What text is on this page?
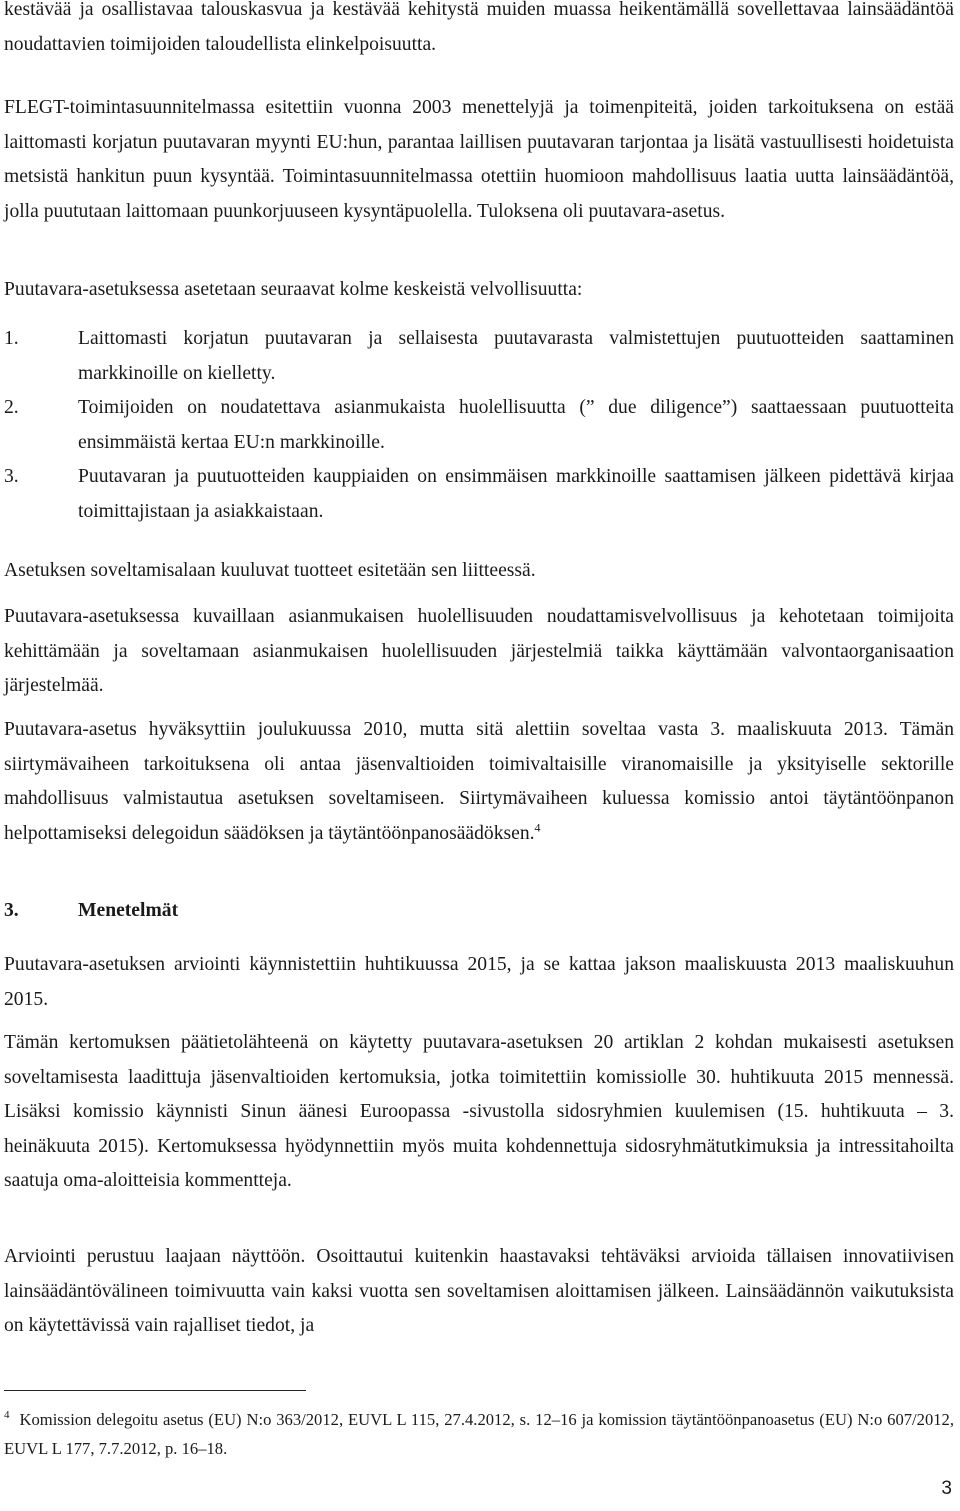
kestävää ja osallistavaa talouskasvua ja kestävää kehitystä muiden muassa heikentämällä sovellettavaa lainsäädäntöä noudattavien toimijoiden taloudellista elinkelpoisuutta.

FLEGT-toimintasuunnitelmassa esitettiin vuonna 2003 menettelyjä ja toimenpiteitä, joiden tarkoituksena on estää laittomasti korjatun puutavaran myynti EU:hun, parantaa laillisen puutavaran tarjontaa ja lisätä vastuullisesti hoidetuista metsistä hankitun puun kysyntää. Toimintasuunnitelmassa otettiin huomioon mahdollisuus laatia uutta lainsäädäntöä, jolla puututaan laittomaan puunkorjuuseen kysyntäpuolella. Tuloksena oli puutavara-asetus.

Puutavara-asetuksessa asetetaan seuraavat kolme keskeistä velvollisuutta:

1.	Laittomasti korjatun puutavaran ja sellaisesta puutavarasta valmistettujen puutuotteiden saattaminen markkinoille on kielletty.
2.	Toimijoiden on noudatettava asianmukaista huolellisuutta (” due diligence”) saattaessaan puutuotteita ensimmäistä kertaa EU:n markkinoille.
3.	Puutavaran ja puutuotteiden kauppiaiden on ensimmäisen markkinoille saattamisen jälkeen pidettävä kirjaa toimittajistaan ja asiakkaistaan.

Asetuksen soveltamisalaan kuuluvat tuotteet esitetään sen liitteessä.

Puutavara-asetuksessa kuvaillaan asianmukaisen huolellisuuden noudattamisvelvollisuus ja kehotetaan toimijoita kehittämään ja soveltamaan asianmukaisen huolellisuuden järjestelmiä taikka käyttämään valvontaorganisaation järjestelmää.

Puutavara-asetus hyväksyttiin joulukuussa 2010, mutta sitä alettiin soveltaa vasta 3. maaliskuuta 2013. Tämän siirtymävaiheen tarkoituksena oli antaa jäsenvaltioiden toimivaltaisille viranomaisille ja yksityiselle sektorille mahdollisuus valmistautua asetuksen soveltamiseen. Siirtymävaiheen kuluessa komissio antoi täytäntöönpanon helpottamiseksi delegoidun säädöksen ja täytäntöönpanosäädöksen.$^4$

3.	Menetelmät

Puutavara-asetuksen arviointi käynnistettiin huhtikuussa 2015, ja se kattaa jakson maaliskuusta 2013 maaliskuuhun 2015.

Tämän kertomuksen päätietolähteenä on käytetty puutavara-asetuksen 20 artiklan 2 kohdan mukaisesti asetuksen soveltamisesta laadittuja jäsenvaltioiden kertomuksia, jotka toimitettiin komissiolle 30. huhtikuuta 2015 mennessä. Lisäksi komissio käynnisti Sinun äänesi Euroopassa -sivustolla sidosryhmien kuulemisen (15. huhtikuuta – 3. heinäkuuta 2015). Kertomuksessa hyödynnettiin myös muita kohdennettuja sidosryhmätutkimuksia ja intressitahoilta saatuja oma-aloitteisia kommentteja.

Arviointi perustuu laajaan näyttöön. Osoittautui kuitenkin haastavaksi tehtäväksi arvioida tällaisen innovatiivisen lainsäädäntövälineen toimivuutta vain kaksi vuotta sen soveltamisen aloittamisen jälkeen. Lainsäädännön vaikutuksista on käytettävissä vain rajalliset tiedot, ja

$^4$ Komission delegoitu asetus (EU) N:o 363/2012, EUVL L 115, 27.4.2012, s. 12–16 ja komission täytäntöönpanoasetus (EU) N:o 607/2012, EUVL L 177, 7.7.2012, p. 16–18.
3
